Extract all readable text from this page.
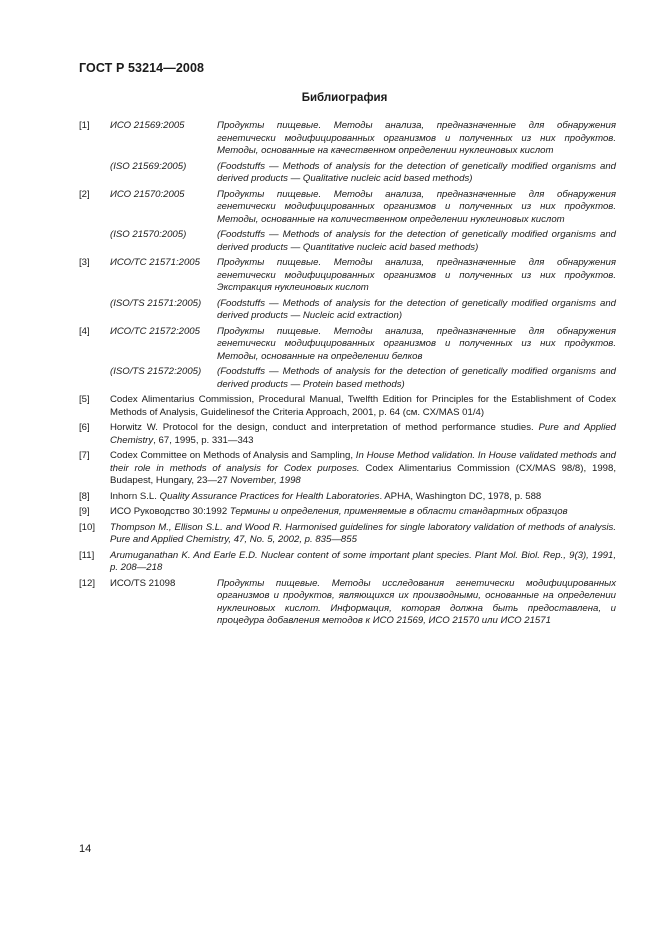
ГОСТ Р 53214—2008
Библиография
[1]	ИСО 21569:2005	Продукты пищевые. Методы анализа, предназначенные для обнаружения генетически модифицированных организмов и полученных из них продуктов. Методы, основанные на качественном определении нуклеиновых кислот
(ISO 21569:2005)	(Foodstuffs — Methods of analysis for the detection of genetically modified organisms and derived products — Qualitative nucleic acid based methods)
[2]	ИСО 21570:2005	Продукты пищевые. Методы анализа, предназначенные для обнаружения генетически модифицированных организмов и полученных из них продуктов. Методы, основанные на количественном определении нуклеиновых кислот
(ISO 21570:2005)	(Foodstuffs — Methods of analysis for the detection of genetically modified organisms and derived products — Quantitative nucleic acid based methods)
[3]	ИСО/ТС 21571:2005	Продукты пищевые. Методы анализа, предназначенные для обнаружения генетически модифицированных организмов и полученных из них продуктов. Экстракция нуклеиновых кислот
(ISO/TS 21571:2005)	(Foodstuffs — Methods of analysis for the detection of genetically modified organisms and derived products — Nucleic acid extraction)
[4]	ИСО/ТС 21572:2005	Продукты пищевые. Методы анализа, предназначенные для обнаружения генетически модифицированных организмов и полученных из них продуктов. Методы, основанные на определении белков
(ISO/TS 21572:2005)	(Foodstuffs — Methods of analysis for the detection of genetically modified organisms and derived products — Protein based methods)
[5]	Codex Alimentarius Commission, Procedural Manual, Twelfth Edition for Principles for the Establishment of Codex Methods of Analysis, Guidelinesof the Criteria Approach, 2001, p. 64 (см. CX/MAS 01/4)
[6]	Horwitz W. Protocol for the design, conduct and interpretation of method performance studies. Pure and Applied Chemistry, 67, 1995, p. 331—343
[7]	Codex Committee on Methods of Analysis and Sampling, In House Method validation. In House validated methods and their role in methods of analysis for Codex purposes. Codex Alimentarius Commission (CX/MAS 98/8), 1998, Budapest, Hungary, 23—27 November, 1998
[8]	Inhorn S.L. Quality Assurance Practices for Health Laboratories. APHA, Washington DC, 1978, p. 588
[9]	ИСО Руководство 30:1992 Термины и определения, применяемые в области стандартных образцов
[10]	Thompson M., Ellison S.L. and Wood R. Harmonised guidelines for single laboratory validation of methods of analysis. Pure and Applied Chemistry, 47, No. 5, 2002, p. 835—855
[11]	Arumuganathan K. And Earle E.D. Nuclear content of some important plant species. Plant Mol. Biol. Rep., 9(3), 1991, p. 208—218
[12]	ИСО/TS 21098	Продукты пищевые. Методы исследования генетически модифицированных организмов и продуктов, являющихся их производными, основанные на определении нуклеиновых кислот. Информация, которая должна быть предоставлена, и процедура добавления методов к ИСО 21569, ИСО 21570 или ИСО 21571
14
